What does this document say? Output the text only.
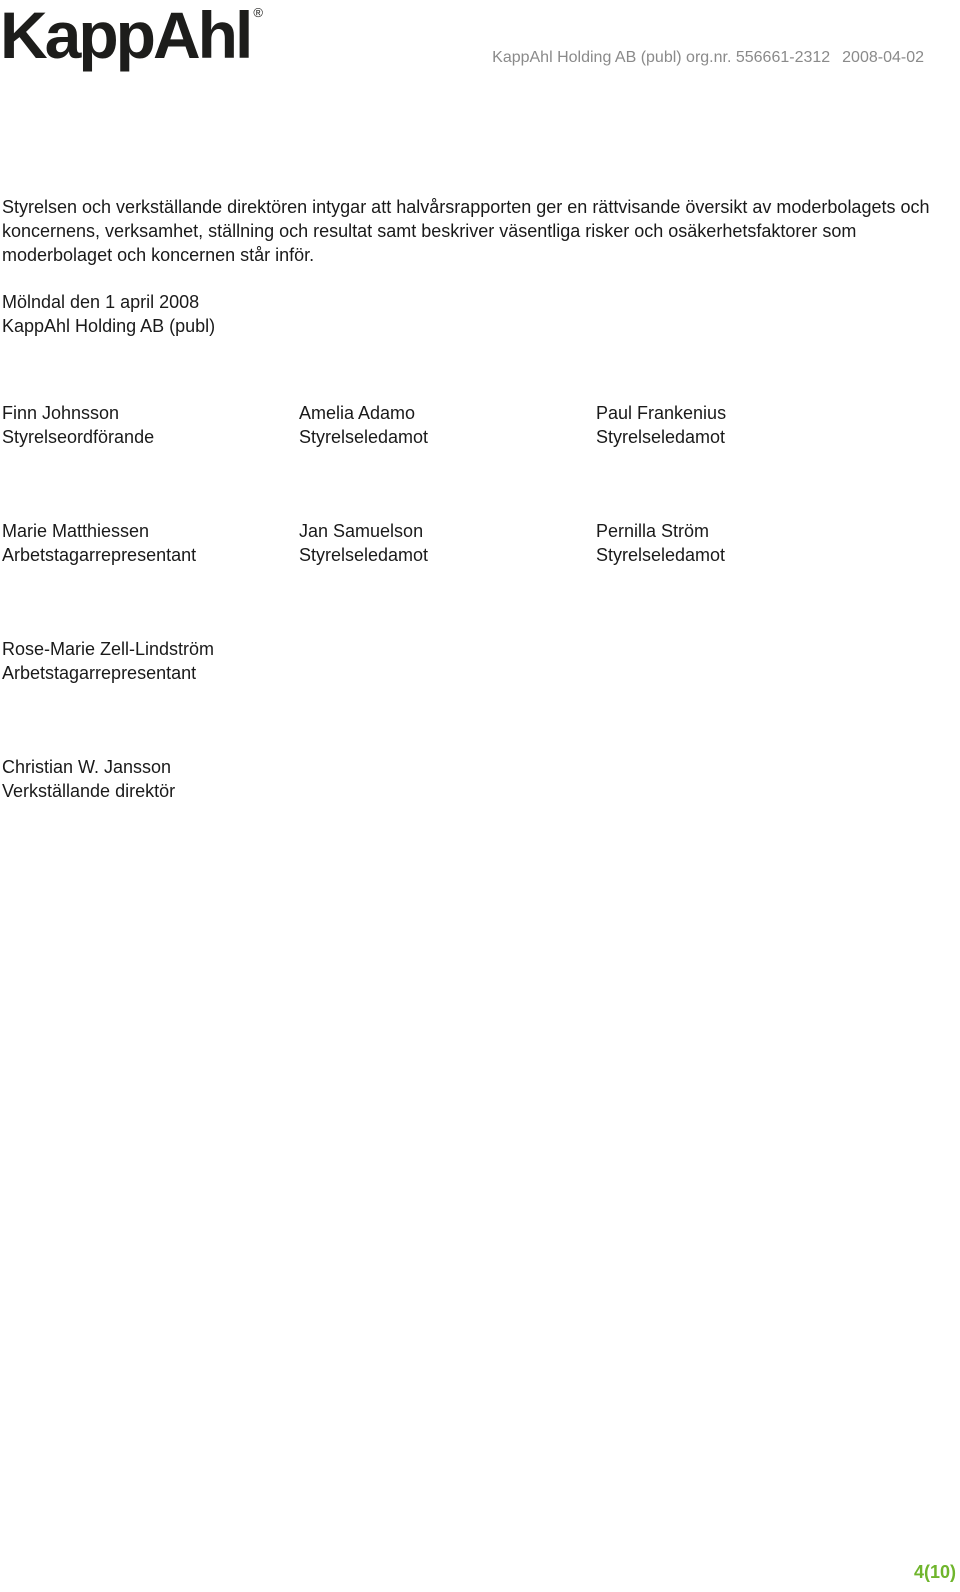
KappAhl ®
KappAhl Holding AB (publ) org.nr. 556661-2312 2008-04-02

Styrelsen och verkställande direktören intygar att halvårsrapporten ger en rättvisande översikt av moderbolagets och koncernens, verksamhet, ställning och resultat samt beskriver väsentliga risker och osäkerhetsfaktorer som moderbolaget och koncernen står inför.

Mölndal den 1 april 2008
KappAhl Holding AB (publ)
Finn Johnsson
Styrelseordförande
Amelia Adamo
Styrelseledamot
Paul Frankenius
Styrelseledamot
Marie Matthiessen
Arbetstagarrepresentant
Jan Samuelson
Styrelseledamot
Pernilla Ström
Styrelseledamot
Rose-Marie Zell-Lindström
Arbetstagarrepresentant
Christian W. Jansson
Verkställande direktör
4(10)
